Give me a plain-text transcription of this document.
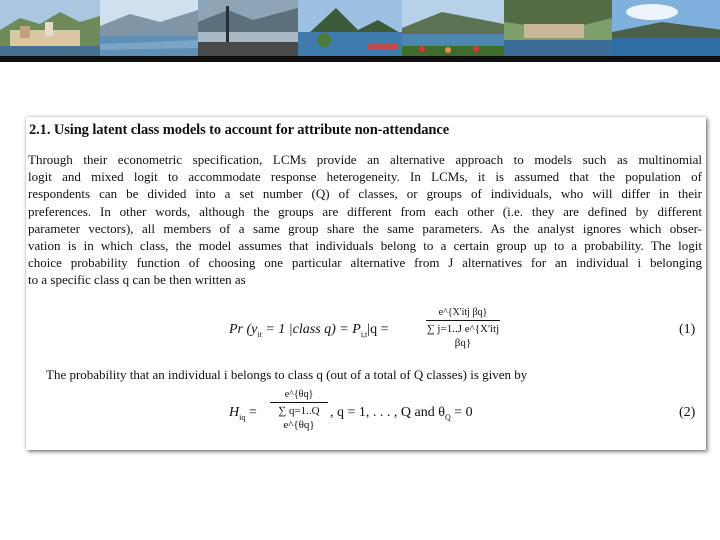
2.1. Using latent class models to account for attribute non-attendance
Through their econometric specification, LCMs provide an alternative approach to models such as multinomial
logit and mixed logit to accommodate response heterogeneity. In LCMs, it is assumed that the population of
respondents can be divided into a set number (Q) of classes, or groups of individuals, who will differ in their
preferences. In other words, although the groups are different from each other (i.e. they are defined by different
parameter vectors), all members of a same group share the same parameters. As the analyst ignores which obser-
vation is in which class, the model assumes that individuals belong to a certain group up to a probability. The logit
choice probability function of choosing one particular alternative from J alternatives for an individual i belonging
to a specific class q can be then written as
Pr ($y_{it} = 1$ |class $q) = P_{i,t}|q$ =
e^{X'itj βq}
∑ j=1..J e^{X'itj βq}
(1)
The probability that an individual i belongs to class q (out of a total of Q classes) is given by
$H_{iq}$ =
e^{θq}
∑ q=1..Q e^{θq}
, q = 1, . . . , Q and $\theta_Q = 0$	(2)
